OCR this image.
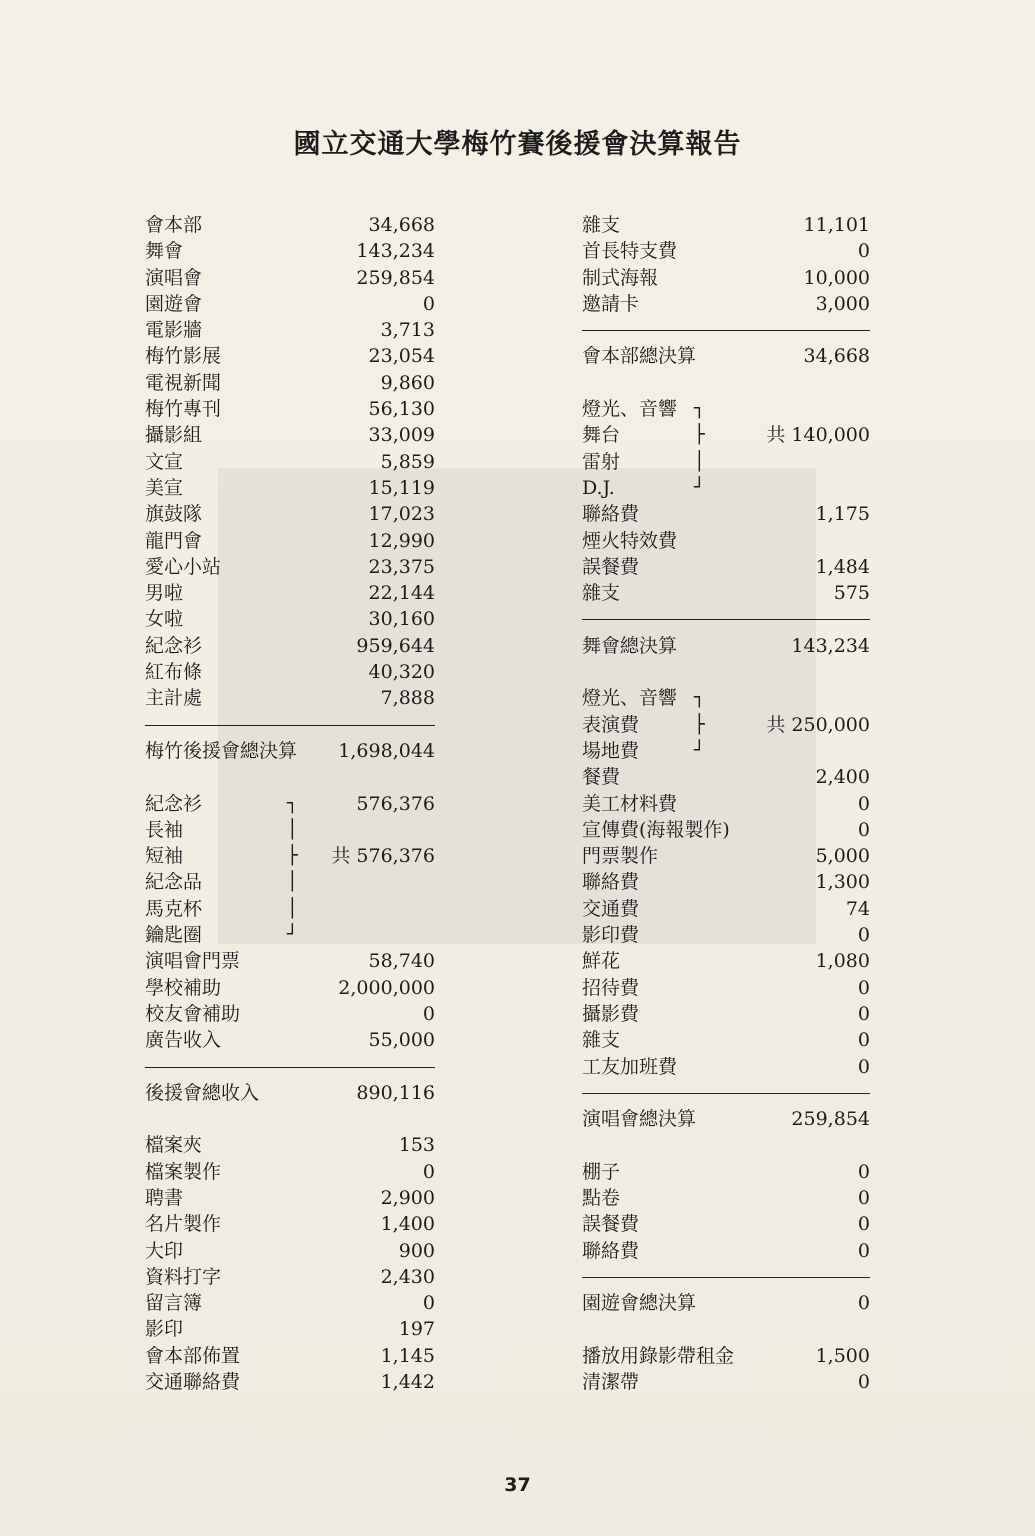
國立交通大學梅竹賽後援會決算報告
會本部	34,668
舞會	143,234
演唱會	259,854
園遊會	0
電影牆	3,713
梅竹影展	23,054
電視新聞	9,860
梅竹專刊	56,130
攝影組	33,009
文宣	5,859
美宣	15,119
旗鼓隊	17,023
龍門會	12,990
愛心小站	23,375
男啦	22,144
女啦	30,160
紀念衫	959,644
紅布條	40,320
主計處	7,888
梅竹後援會總決算 1,698,044
紀念衫	┐	576,376
長袖	│
短袖	├ 共 576,376
紀念品	│
馬克杯	│
鑰匙圈	┘
演唱會門票	58,740
學校補助	2,000,000
校友會補助	0
廣告收入	55,000
後援會總收入	890,116
檔案夾	153
檔案製作	0
聘書	2,900
名片製作	1,400
大印	900
資料打字	2,430
留言簿	0
影印	197
會本部佈置	1,145
交通聯絡費	1,442
雜支	11,101
首長特支費	0
制式海報	10,000
邀請卡	3,000
會本部總決算	34,668
燈光、音響 ┐
舞台	├	共 140,000
雷射	│
D.J.	┘
聯絡費	1,175
煙火特效費
誤餐費	1,484
雜支	575
舞會總決算	143,234
燈光、音響 ┐
表演費	├	共 250,000
場地費	┘
餐費	2,400
美工材料費	0
宣傳費(海報製作)	0
門票製作	5,000
聯絡費	1,300
交通費	74
影印費	0
鮮花	1,080
招待費	0
攝影費	0
雜支	0
工友加班費	0
演唱會總決算	259,854
棚子	0
點卷	0
誤餐費	0
聯絡費	0
園遊會總決算	0
播放用錄影帶租金	1,500
清潔帶	0
37
